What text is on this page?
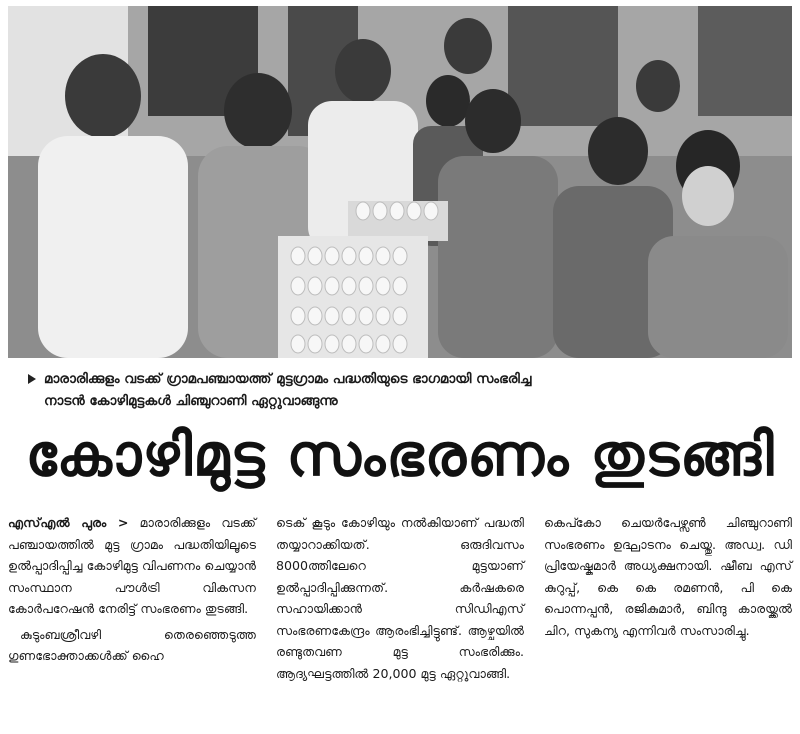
മാരാരിക്കുളം വടക്ക് ഗ്രാമപഞ്ചായത്ത് മുട്ടഗ്രാമം പദ്ധതിയുടെ ഭാഗമായി സംഭരിച്ച
നാടൻ കോഴിമുട്ടകൾ ചിഞ്ചുറാണി ഏറ്റുവാങ്ങുന്നു
കോഴിമുട്ട സംഭരണം തുടങ്ങി

എസ്എൽ പുരം > മാരാരിക്കുളം വടക്ക് പഞ്ചായത്തിൽ മുട്ട ഗ്രാമം പദ്ധതിയിലൂടെ ഉൽപ്പാദിപ്പിച്ച കോഴിമുട്ട വിപണനം ചെയ്യാൻ സംസ്ഥാന പൗൾട്രി വികസന കോർപറേഷൻ നേരിട്ട് സംഭരണം തുടങ്ങി.

കുടുംബശ്രീവഴി തെരഞ്ഞെടുത്ത ഗുണഭോക്താക്കൾക്ക് ഹൈ

ടെക് കൂടും കോഴിയും നൽകിയാണ് പദ്ധതി തയ്യാറാക്കിയത്. ഒരുദിവസം 8000ത്തിലേറെ മുട്ടയാണ് ഉൽപ്പാദിപ്പിക്കുന്നത്. കർഷകരെ സഹായിക്കാൻ സിഡിഎസ് സംഭരണകേന്ദ്രം ആരംഭിച്ചിട്ടുണ്ട്. ആഴ്ചയിൽ രണ്ടുതവണ മുട്ട സംഭരിക്കും. ആദ്യഘട്ടത്തിൽ 20,000 മുട്ട ഏറ്റുവാങ്ങി.

കെപ്കോ ചെയർപേഴ്സൺ ചിഞ്ചുറാണി സംഭരണം ഉദ്ഘാടനം ചെയ്തു. അഡ്വ. ഡി പ്രിയേഷ്കുമാർ അധ്യക്ഷനായി. ഷീബ എസ് കുറുപ്പ്, കെ കെ രമണൻ, പി കെ പൊന്നപ്പൻ, രജികുമാർ, ബിന്ദു കാരയ്ക്കൽ ചിറ, സുകന്യ എന്നിവർ സംസാരിച്ചു.
